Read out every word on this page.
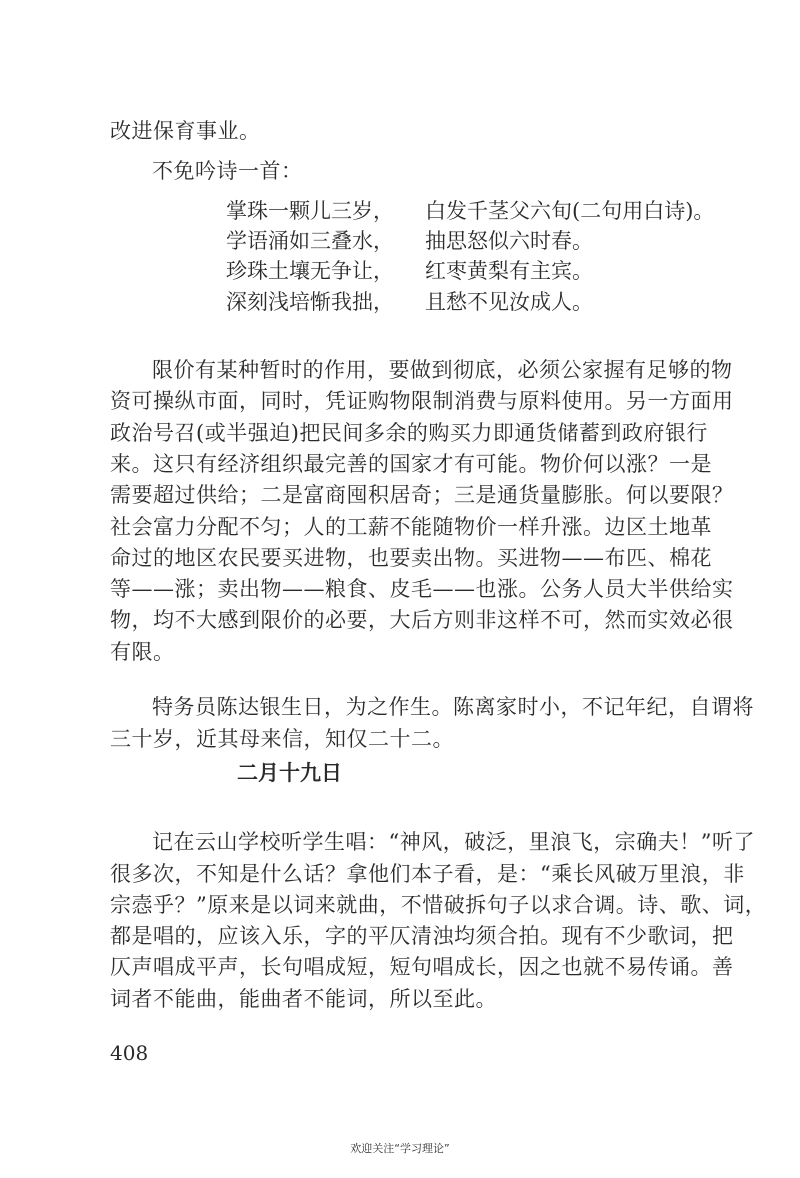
改进保育事业。
不免吟诗一首：
掌珠一颗儿三岁， 白发千茎父六旬(二句用白诗)。
学语涌如三叠水， 抽思怒似六时春。
珍珠土壤无争让， 红枣黄梨有主宾。
深刻浅培惭我拙， 且愁不见汝成人。
限价有某种暂时的作用，要做到彻底，必须公家握有足够的物
资可操纵市面，同时，凭证购物限制消费与原料使用。另一方面用
政治号召(或半强迫)把民间多余的购买力即通货储蓄到政府银行
来。这只有经济组织最完善的国家才有可能。物价何以涨？一是
需要超过供给；二是富商囤积居奇；三是通货量膨胀。何以要限？
社会富力分配不匀；人的工薪不能随物价一样升涨。边区土地革
命过的地区农民要买进物，也要卖出物。买进物——布匹、棉花
等——涨；卖出物——粮食、皮毛——也涨。公务人员大半供给实
物，均不大感到限价的必要，大后方则非这样不可，然而实效必很
有限。
特务员陈达银生日，为之作生。陈离家时小，不记年纪，自谓将
三十岁，近其母来信，知仅二十二。
二月十九日
记在云山学校听学生唱：“神风，破泛，里浪飞，宗确夫！”听了
很多次，不知是什么话？拿他们本子看，是：“乘长风破万里浪，非
宗悫乎？”原来是以词来就曲，不惜破拆句子以求合调。诗、歌、词，
都是唱的，应该入乐，字的平仄清浊均须合拍。现有不少歌词，把
仄声唱成平声，长句唱成短，短句唱成长，因之也就不易传诵。善
词者不能曲，能曲者不能词，所以至此。
408
欢迎关注“学习理论”
